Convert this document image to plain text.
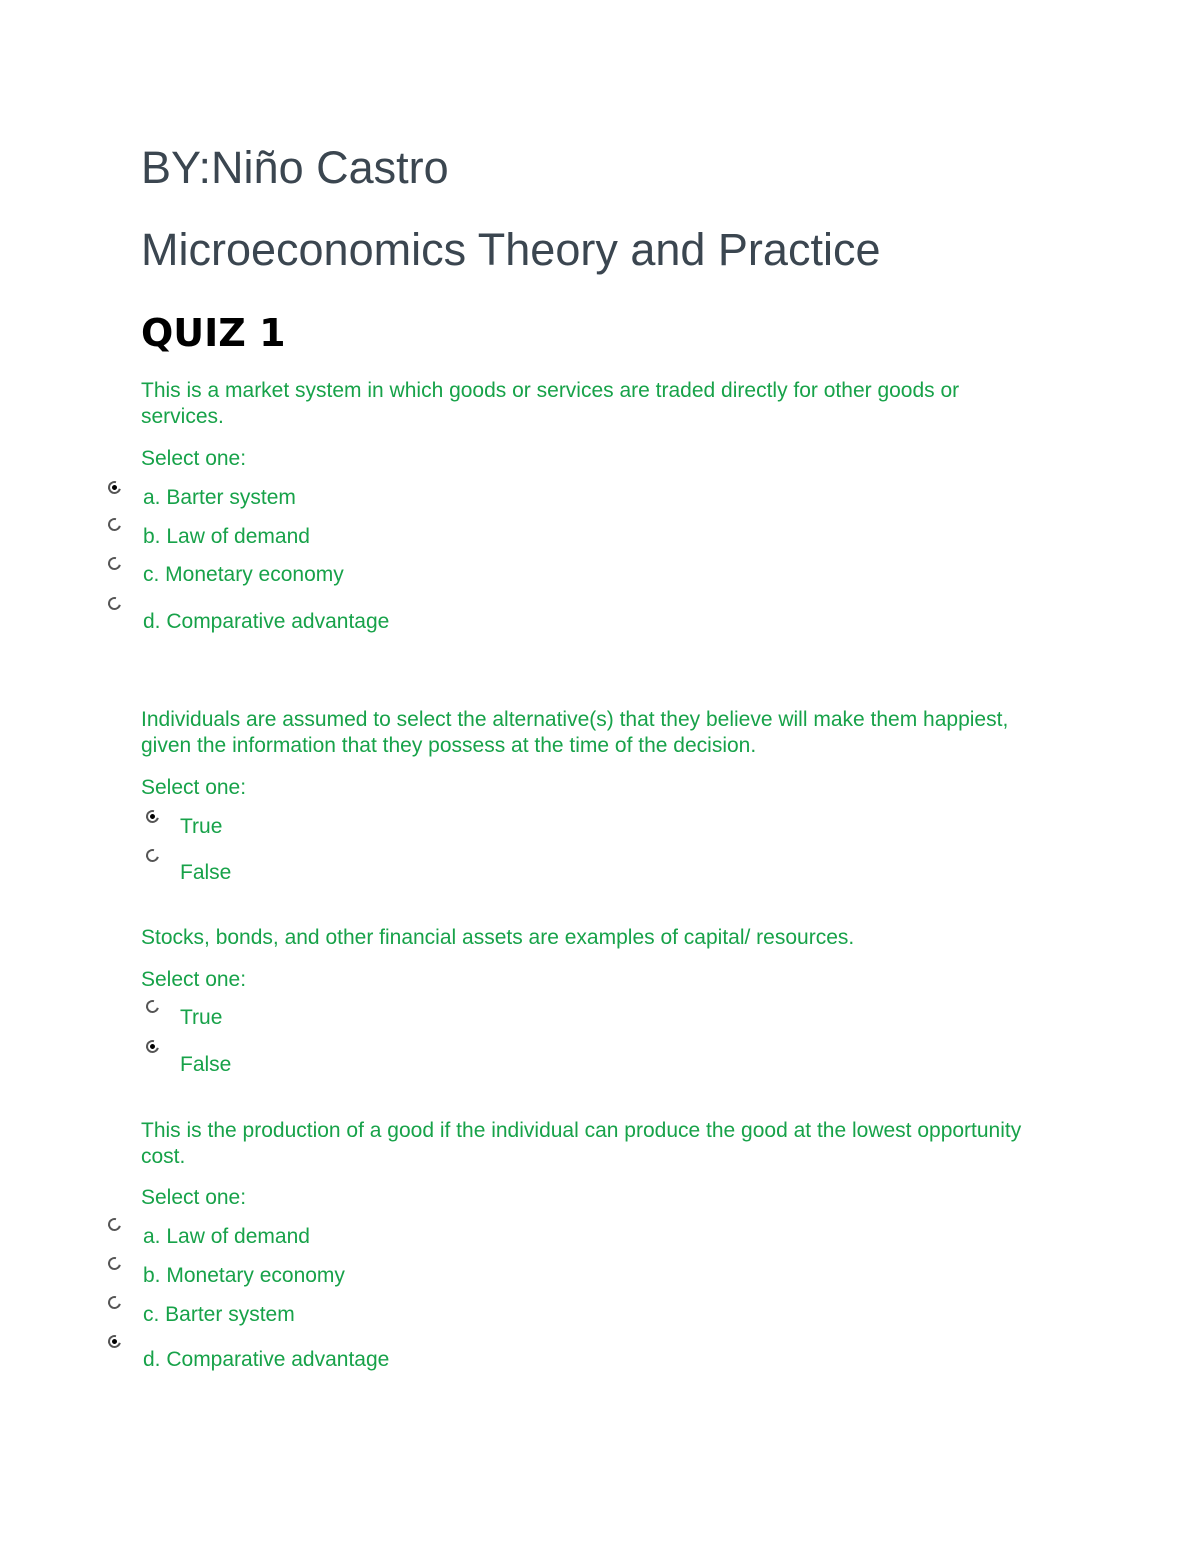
BY:Niño Castro
Microeconomics Theory and Practice
QUIZ 1
This is a market system in which goods or services are traded directly for other goods or services.
Select one:
a. Barter system
b. Law of demand
c. Monetary economy
d. Comparative advantage
Individuals are assumed to select the alternative(s) that they believe will make them happiest, given the information that they possess at the time of the decision.
Select one:
True
False
Stocks, bonds, and other financial assets are examples of capital/ resources.
Select one:
True
False
This is the production of a good if the individual can produce the good at the lowest opportunity cost.
Select one:
a. Law of demand
b. Monetary economy
c. Barter system
d. Comparative advantage
